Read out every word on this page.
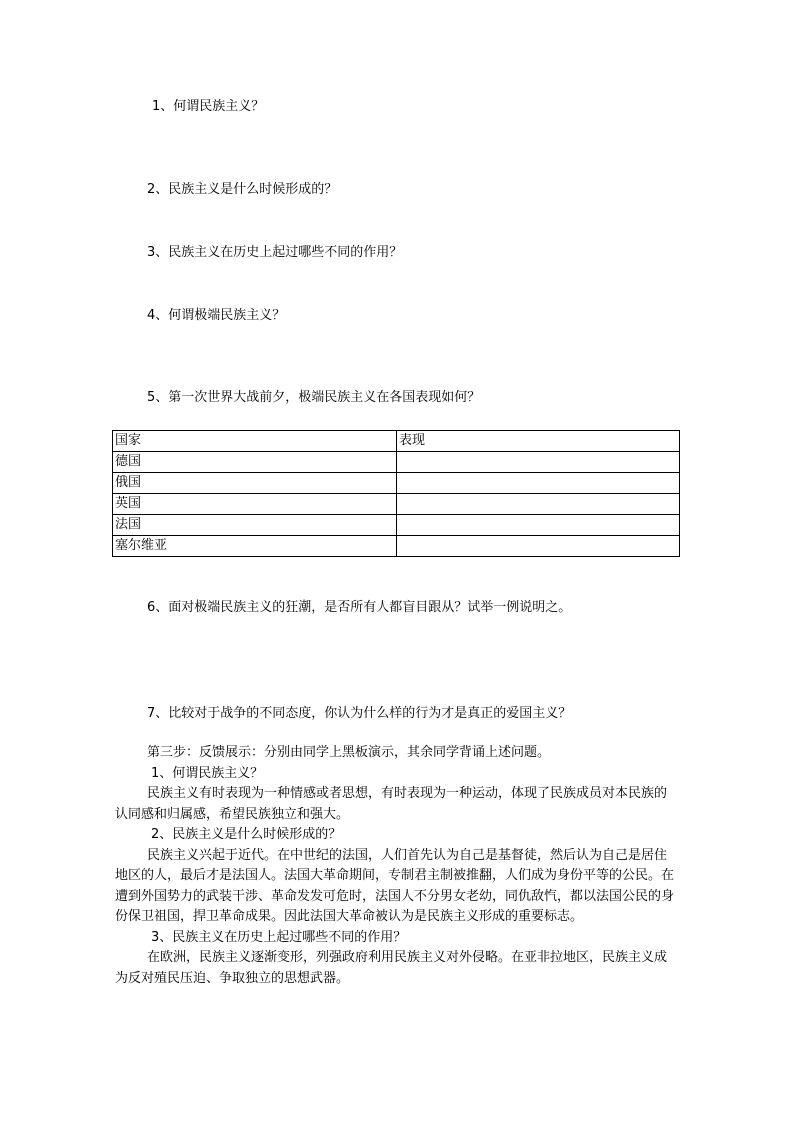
1、何谓民族主义？

2、民族主义是什么时候形成的？

3、民族主义在历史上起过哪些不同的作用？

4、何谓极端民族主义？

5、第一次世界大战前夕，极端民族主义在各国表现如何？

国家	表现
德国	
俄国	
英国	
法国	
塞尔维亚	

6、面对极端民族主义的狂潮，是否所有人都盲目跟从？试举一例说明之。

7、比较对于战争的不同态度，你认为什么样的行为才是真正的爱国主义？

第三步：反馈展示：分别由同学上黑板演示，其余同学背诵上述问题。

1、何谓民族主义？

民族主义有时表现为一种情感或者思想，有时表现为一种运动，体现了民族成员对本民族的认同感和归属感，希望民族独立和强大。

2、民族主义是什么时候形成的？

民族主义兴起于近代。在中世纪的法国，人们首先认为自己是基督徒，然后认为自己是居住地区的人，最后才是法国人。法国大革命期间，专制君主制被推翻，人们成为身份平等的公民。在遭到外国势力的武装干涉、革命发发可危时，法国人不分男女老幼，同仇敌忾，都以法国公民的身份保卫祖国，捍卫革命成果。因此法国大革命被认为是民族主义形成的重要标志。

3、民族主义在历史上起过哪些不同的作用？

在欧洲，民族主义逐渐变形，列强政府利用民族主义对外侵略。在亚非拉地区，民族主义成为反对殖民压迫、争取独立的思想武器。
